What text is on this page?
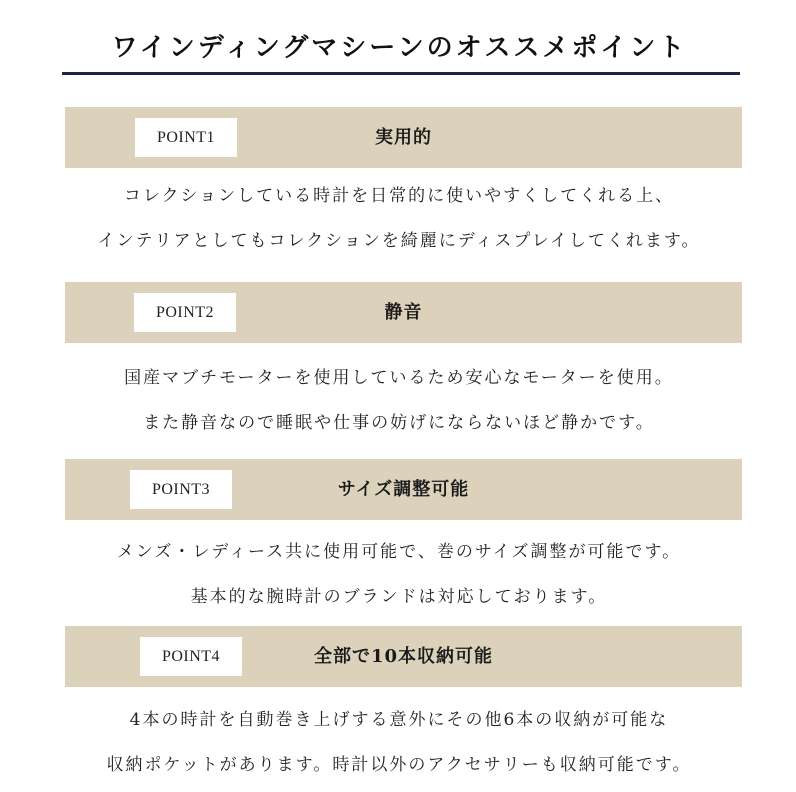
ワインディングマシーンのオススメポイント
POINT1	実用的
コレクションしている時計を日常的に使いやすくしてくれる上、
インテリアとしてもコレクションを綺麗にディスプレイしてくれます。
POINT2	静音
国産マブチモーターを使用しているため安心なモーターを使用。
また静音なので睡眠や仕事の妨げにならないほど静かです。
POINT3	サイズ調整可能
メンズ・レディース共に使用可能で、巻のサイズ調整が可能です。
基本的な腕時計のブランドは対応しております。
POINT4	全部で10本収納可能
4本の時計を自動巻き上げする意外にその他6本の収納が可能な
収納ポケットがあります。時計以外のアクセサリーも収納可能です。
